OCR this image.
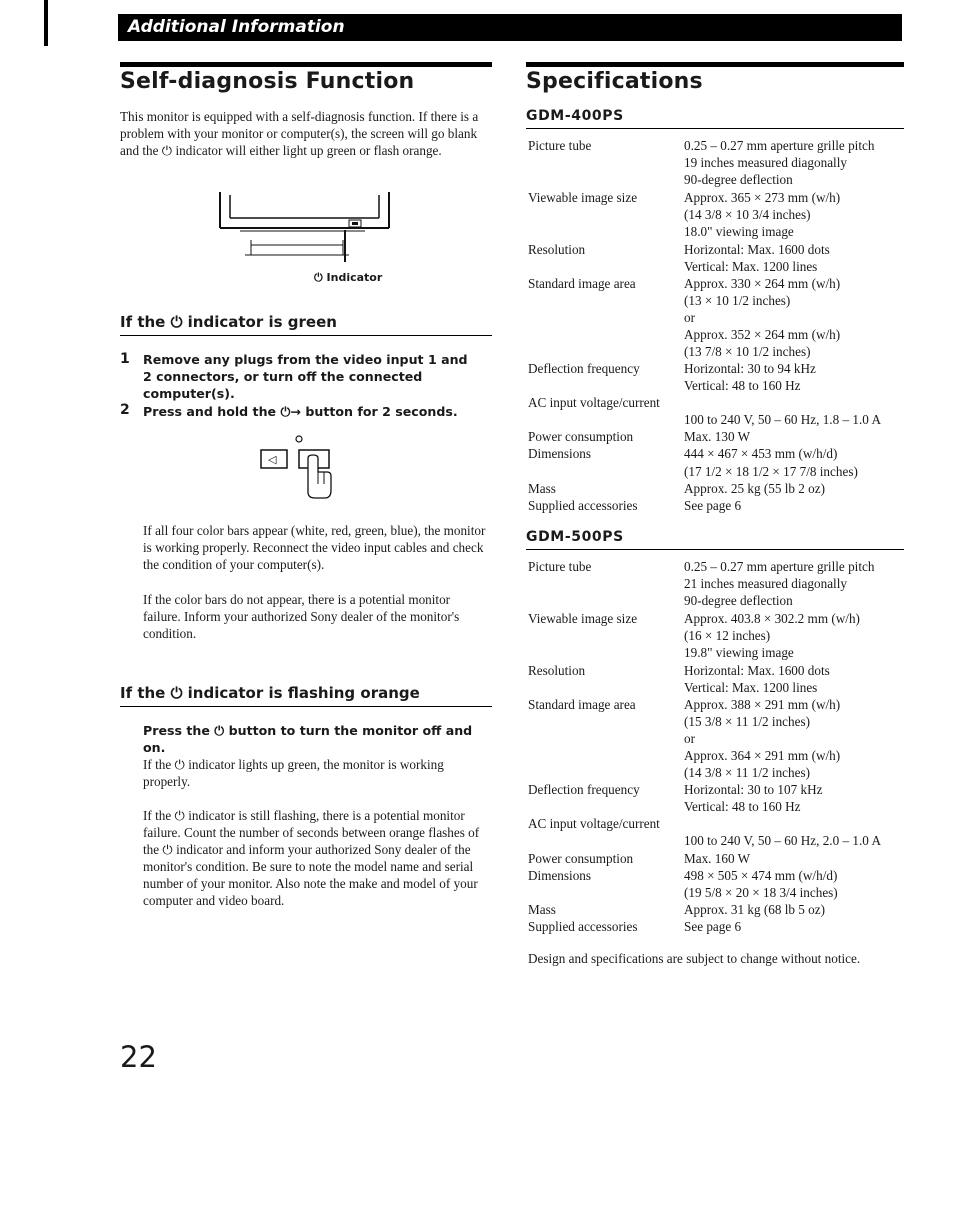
Additional Information
Self-diagnosis Function
This monitor is equipped with a self-diagnosis function. If there is a problem with your monitor or computer(s), the screen will go blank and the ⏻ indicator will either light up green or flash orange.
⏻ Indicator
If the ⏻ indicator is green
1 Remove any plugs from the video input 1 and 2 connectors, or turn off the connected computer(s).
2 Press and hold the ⏻→ button for 2 seconds.
◁
If all four color bars appear (white, red, green, blue), the monitor is working properly. Reconnect the video input cables and check the condition of your computer(s).
If the color bars do not appear, there is a potential monitor failure. Inform your authorized Sony dealer of the monitor's condition.
If the ⏻ indicator is flashing orange
Press the ⏻ button to turn the monitor off and on.
If the ⏻ indicator lights up green, the monitor is working properly.
If the ⏻ indicator is still flashing, there is a potential monitor failure. Count the number of seconds between orange flashes of the ⏻ indicator and inform your authorized Sony dealer of the monitor's condition. Be sure to note the model name and serial number of your monitor. Also note the make and model of your computer and video board.
22
Specifications
GDM-400PS
Picture tube	0.25 – 0.27 mm aperture grille pitch
19 inches measured diagonally
90-degree deflection
Viewable image size	Approx. 365 × 273 mm (w/h)
(14 3/8 × 10 3/4 inches)
18.0" viewing image
Resolution	Horizontal: Max. 1600 dots
Vertical: Max. 1200 lines
Standard image area	Approx. 330 × 264 mm (w/h)
(13 × 10 1/2 inches)
or
Approx. 352 × 264 mm (w/h)
(13 7/8 × 10 1/2 inches)
Deflection frequency	Horizontal: 30 to 94 kHz
Vertical: 48 to 160 Hz
AC input voltage/current
100 to 240 V, 50 – 60 Hz, 1.8 – 1.0 A
Power consumption	Max. 130 W
Dimensions	444 × 467 × 453 mm (w/h/d)
(17 1/2 × 18 1/2 × 17 7/8 inches)
Mass	Approx. 25 kg (55 lb 2 oz)
Supplied accessories	See page 6
GDM-500PS
Picture tube	0.25 – 0.27 mm aperture grille pitch
21 inches measured diagonally
90-degree deflection
Viewable image size	Approx. 403.8 × 302.2 mm (w/h)
(16 × 12 inches)
19.8" viewing image
Resolution	Horizontal: Max. 1600 dots
Vertical: Max. 1200 lines
Standard image area	Approx. 388 × 291 mm (w/h)
(15 3/8 × 11 1/2 inches)
or
Approx. 364 × 291 mm (w/h)
(14 3/8 × 11 1/2 inches)
Deflection frequency	Horizontal: 30 to 107 kHz
Vertical: 48 to 160 Hz
AC input voltage/current
100 to 240 V, 50 – 60 Hz, 2.0 – 1.0 A
Power consumption	Max. 160 W
Dimensions	498 × 505 × 474 mm (w/h/d)
(19 5/8 × 20 × 18 3/4 inches)
Mass	Approx. 31 kg (68 lb 5 oz)
Supplied accessories	See page 6
Design and specifications are subject to change without notice.
